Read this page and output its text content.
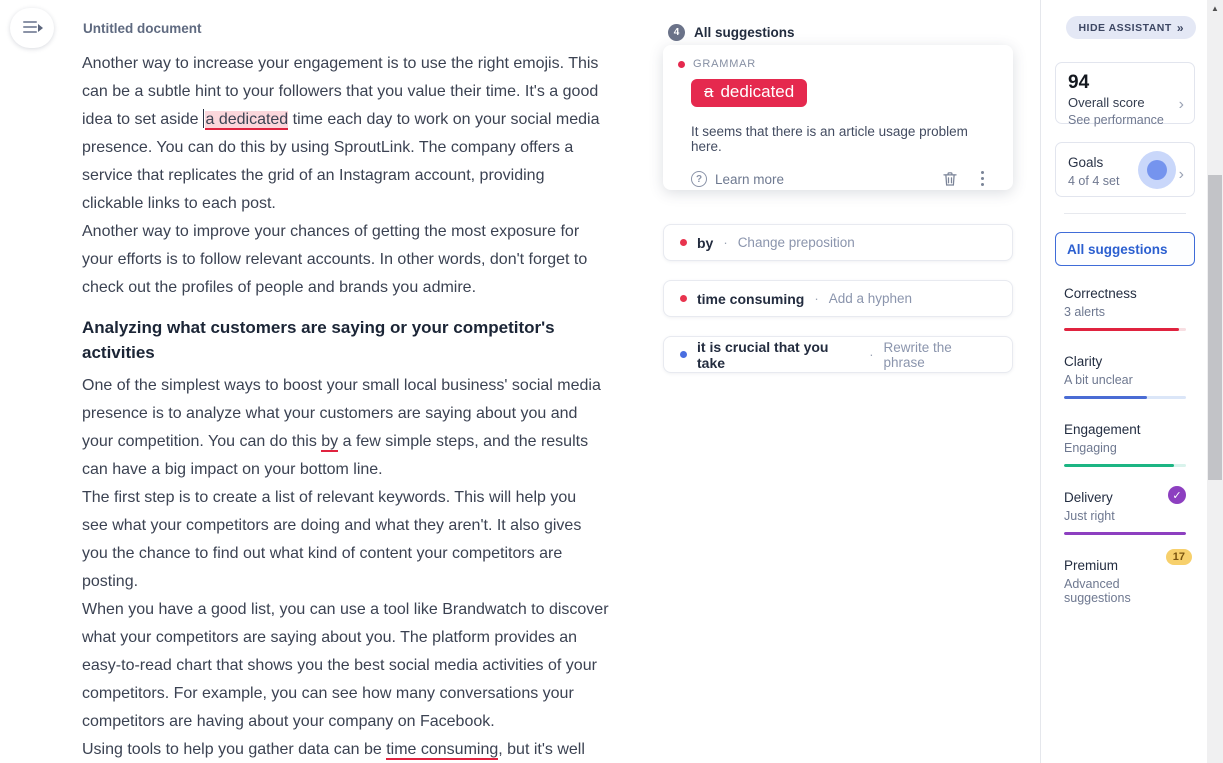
Untitled document
Another way to increase your engagement is to use the right emojis. This
can be a subtle hint to your followers that you value their time. It's a good
idea to set aside a dedicated time each day to work on your social media
presence. You can do this by using SproutLink. The company offers a
service that replicates the grid of an Instagram account, providing
clickable links to each post.
Another way to improve your chances of getting the most exposure for
your efforts is to follow relevant accounts. In other words, don't forget to
check out the profiles of people and brands you admire.
Analyzing what customers are saying or your competitor's
activities
One of the simplest ways to boost your small local business' social media
presence is to analyze what your customers are saying about you and
your competition. You can do this by a few simple steps, and the results
can have a big impact on your bottom line.
The first step is to create a list of relevant keywords. This will help you
see what your competitors are doing and what they aren't. It also gives
you the chance to find out what kind of content your competitors are
posting.
When you have a good list, you can use a tool like Brandwatch to discover
what your competitors are saying about you. The platform provides an
easy-to-read chart that shows you the best social media activities of your
competitors. For example, you can see how many conversations your
competitors are having about your company on Facebook.
Using tools to help you gather data can be time consuming, but it's well
4	All suggestions
GRAMMAR
a dedicated
It seems that there is an article usage problem here.
? Learn more
by · Change preposition
time consuming · Add a hyphen
it is crucial that you take	· Rewrite the phrase
HIDE ASSISTANT »
94
Overall score
See performance
›
Goals
4 of 4 set	›
All suggestions
Correctness
3 alerts
Clarity
A bit unclear
Engagement
Engaging
Delivery
Just right
✓
Premium
Advanced suggestions
17
▲
